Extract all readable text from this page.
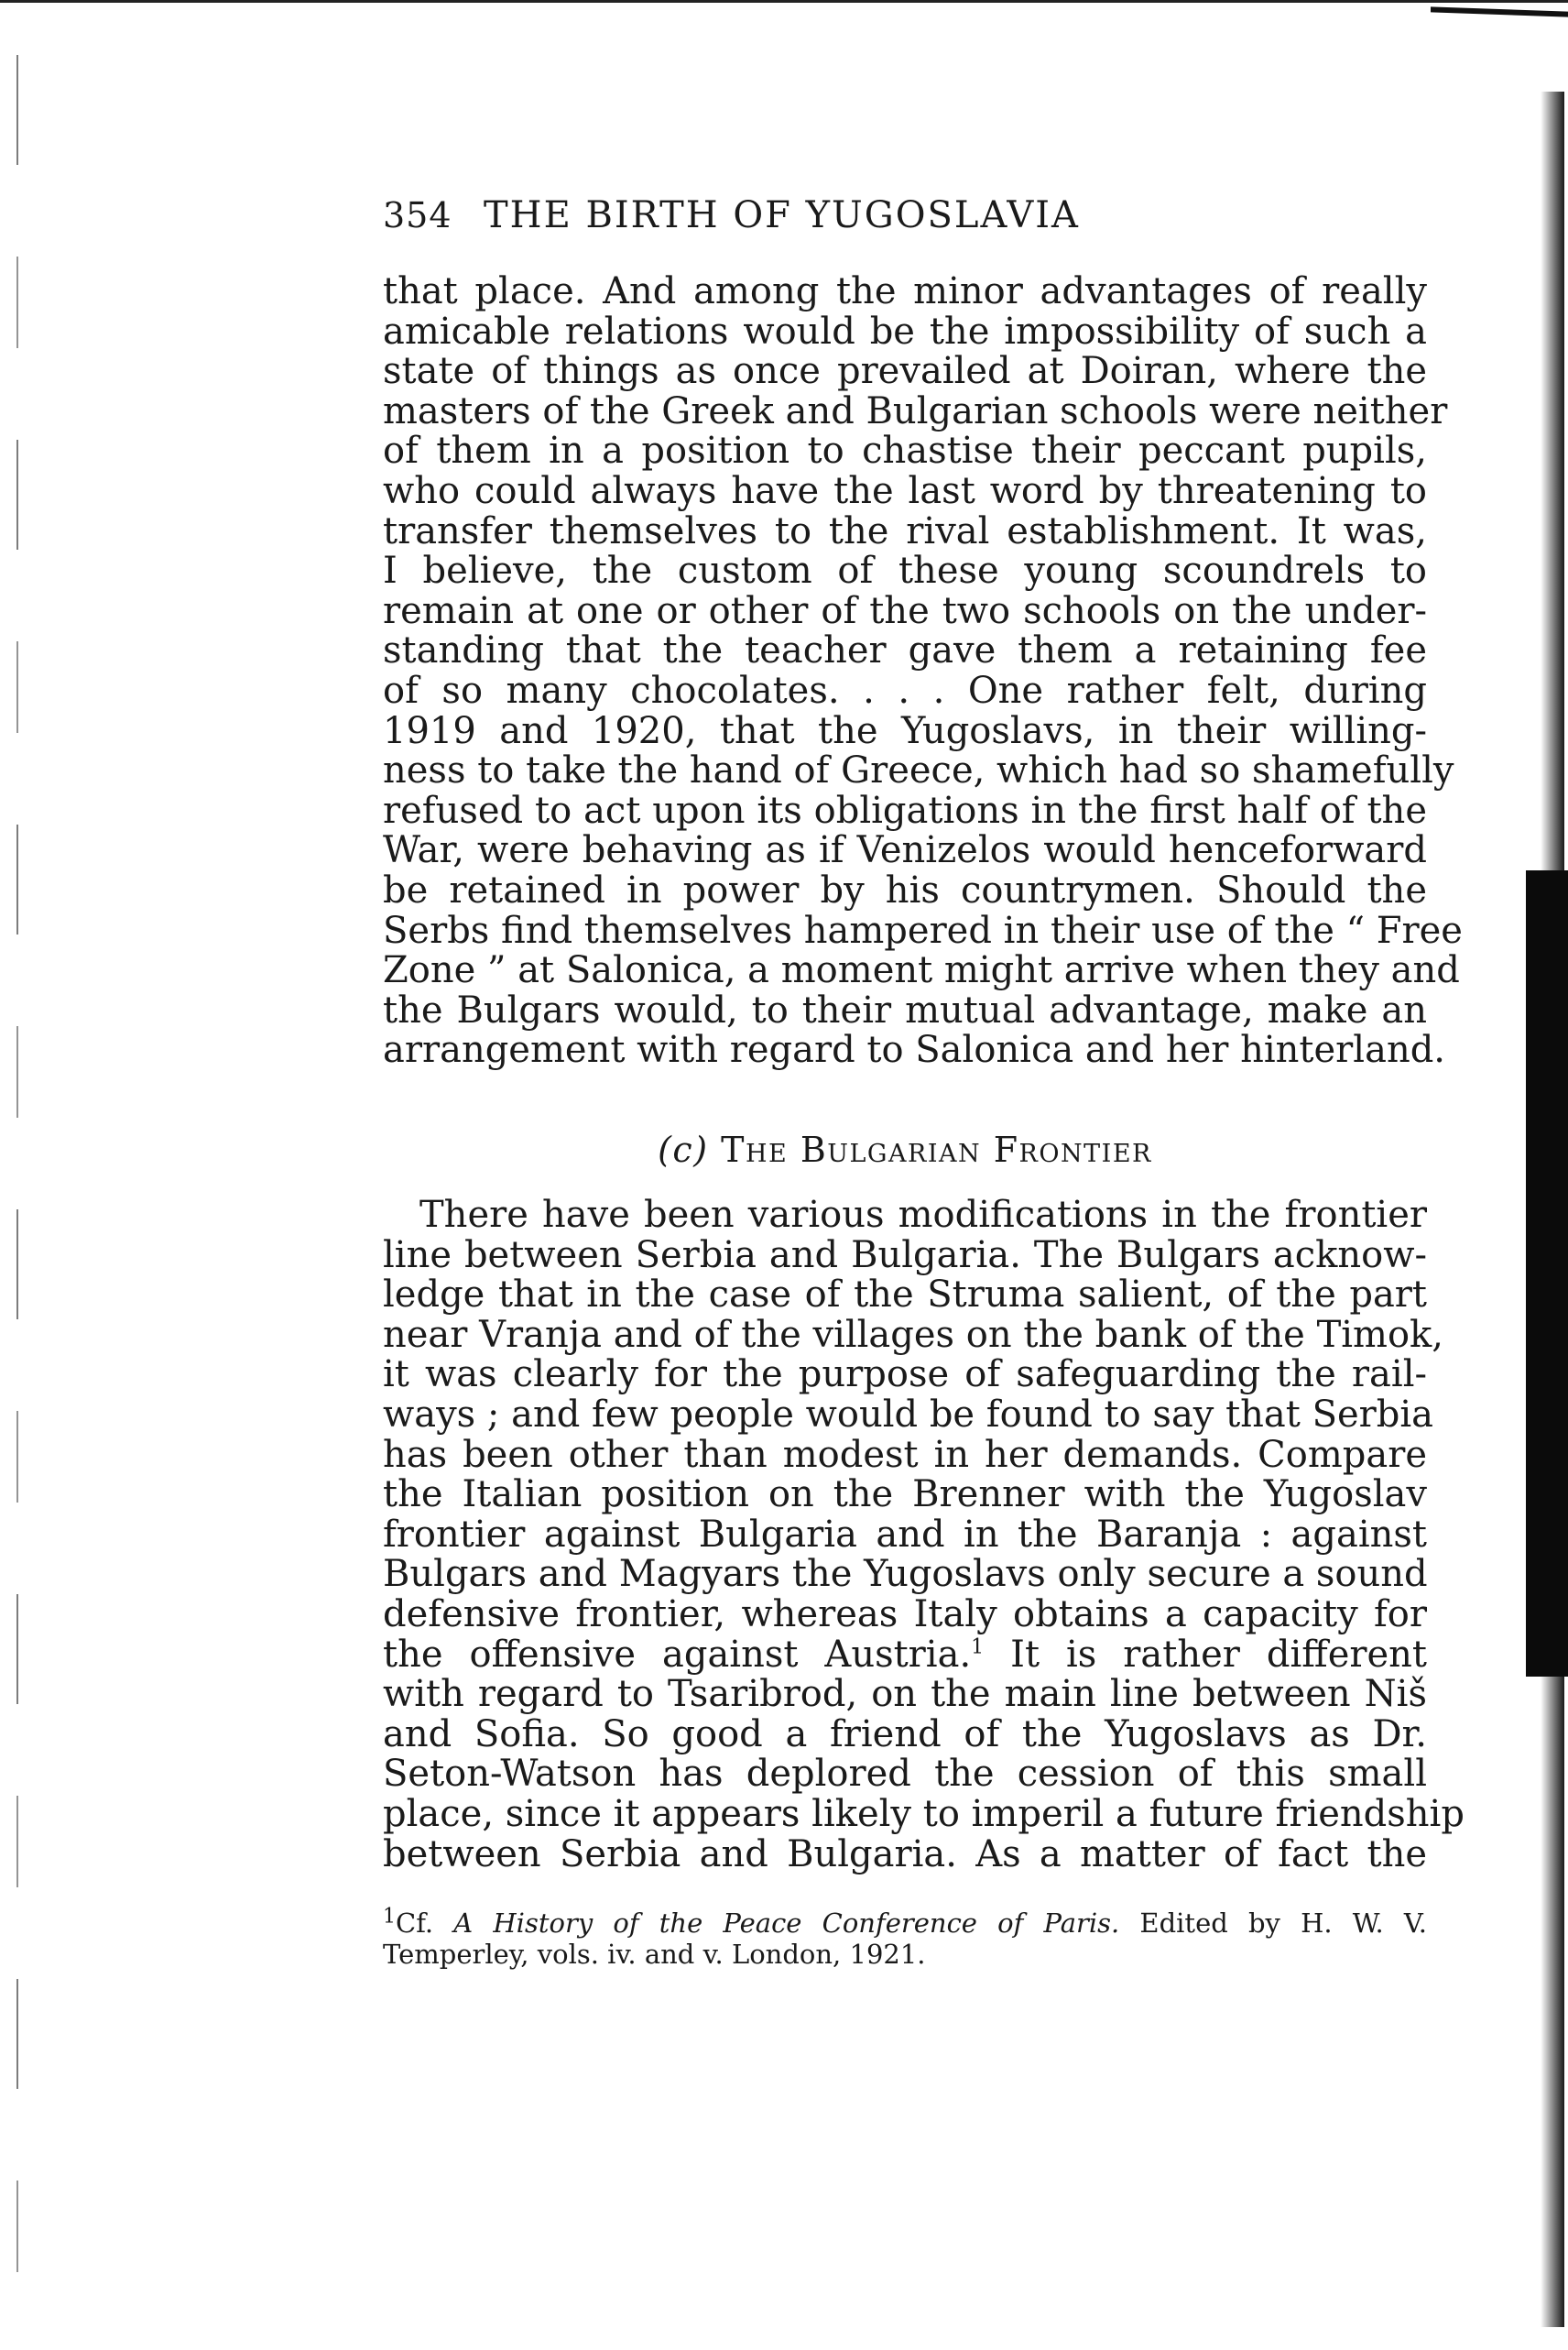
354 THE BIRTH OF YUGOSLAVIA
that place. And among the minor advantages of really
amicable relations would be the impossibility of such a
state of things as once prevailed at Doiran, where the
masters of the Greek and Bulgarian schools were neither
of them in a position to chastise their peccant pupils,
who could always have the last word by threatening to
transfer themselves to the rival establishment. It was,
I believe, the custom of these young scoundrels to
remain at one or other of the two schools on the under-
standing that the teacher gave them a retaining fee
of so many chocolates. . . . One rather felt, during
1919 and 1920, that the Yugoslavs, in their willing-
ness to take the hand of Greece, which had so shamefully
refused to act upon its obligations in the first half of the
War, were behaving as if Venizelos would henceforward
be retained in power by his countrymen. Should the
Serbs find themselves hampered in their use of the “ Free
Zone ” at Salonica, a moment might arrive when they and
the Bulgars would, to their mutual advantage, make an
arrangement with regard to Salonica and her hinterland.
(c) The Bulgarian Frontier
There have been various modifications in the frontier
line between Serbia and Bulgaria. The Bulgars acknow-
ledge that in the case of the Struma salient, of the part
near Vranja and of the villages on the bank of the Timok,
it was clearly for the purpose of safeguarding the rail-
ways ; and few people would be found to say that Serbia
has been other than modest in her demands. Compare
the Italian position on the Brenner with the Yugoslav
frontier against Bulgaria and in the Baranja : against
Bulgars and Magyars the Yugoslavs only secure a sound
defensive frontier, whereas Italy obtains a capacity for
the offensive against Austria.$^1$ It is rather different
with regard to Tsaribrod, on the main line between Niš
and Sofia. So good a friend of the Yugoslavs as Dr.
Seton-Watson has deplored the cession of this small
place, since it appears likely to imperil a future friendship
between Serbia and Bulgaria. As a matter of fact the
$^1$Cf. A History of the Peace Conference of Paris. Edited by H. W. V.
Temperley, vols. iv. and v. London, 1921.
